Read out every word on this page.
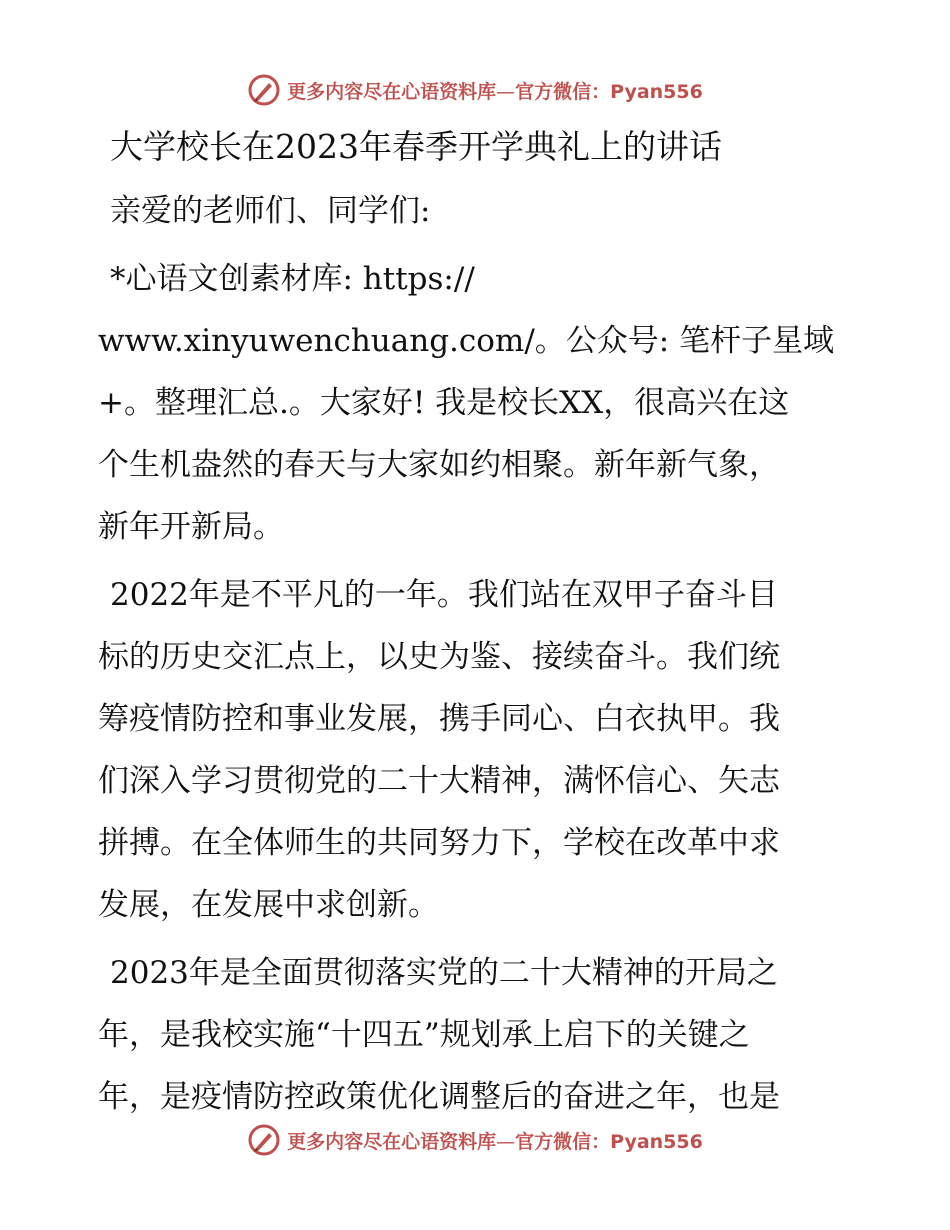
更多内容尽在心语资料库—官方微信：Pyan556
大学校长在2023年春季开学典礼上的讲话
亲爱的老师们、同学们:
*心语文创素材库: https://
www.xinyuwenchuang.com/。公众号: 笔杆子星域
+。整理汇总.。大家好! 我是校长XX，很高兴在这
个生机盎然的春天与大家如约相聚。新年新气象，
新年开新局。
2022年是不平凡的一年。我们站在双甲子奋斗目
标的历史交汇点上，以史为鉴、接续奋斗。我们统
筹疫情防控和事业发展，携手同心、白衣执甲。我
们深入学习贯彻党的二十大精神，满怀信心、矢志
拼搏。在全体师生的共同努力下，学校在改革中求
发展，在发展中求创新。
2023年是全面贯彻落实党的二十大精神的开局之
年，是我校实施“十四五”规划承上启下的关键之
年，是疫情防控政策优化调整后的奋进之年，也是
更多内容尽在心语资料库—官方微信：Pyan556
